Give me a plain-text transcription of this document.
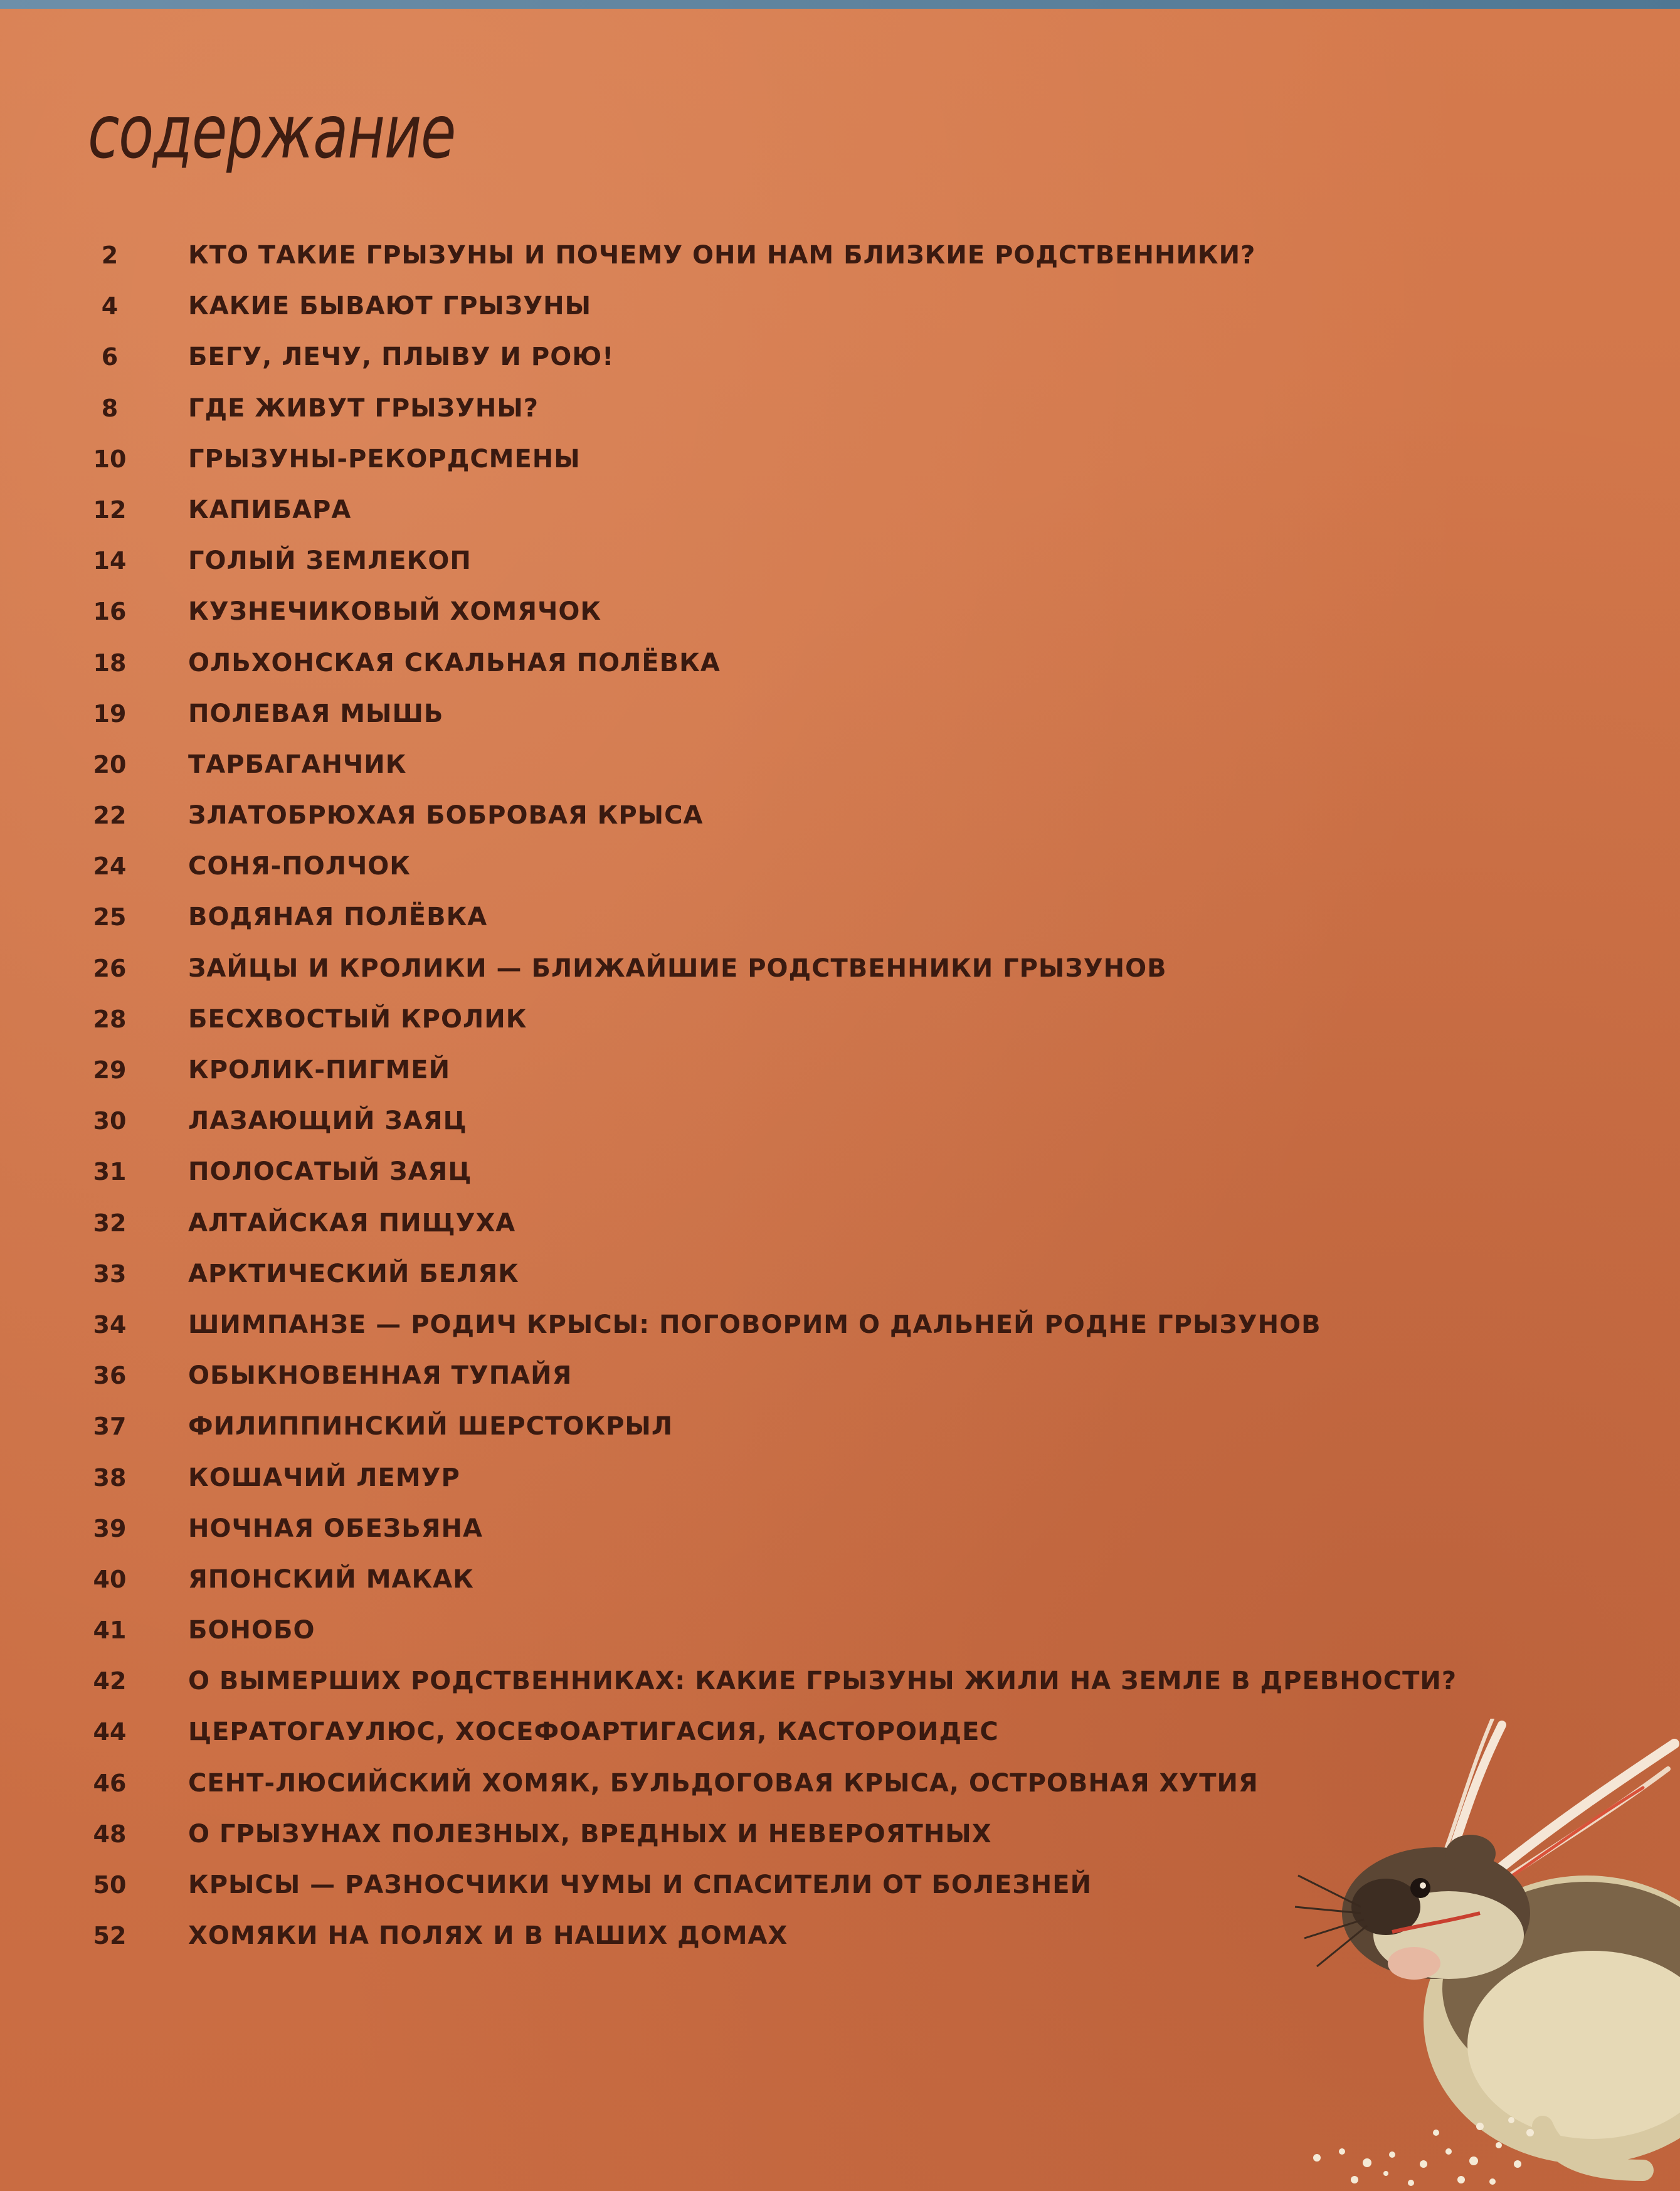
содержание
2	КТО ТАКИЕ ГРЫЗУНЫ И ПОЧЕМУ ОНИ НАМ БЛИЗКИЕ РОДСТВЕННИКИ?
4	КАКИЕ БЫВАЮТ ГРЫЗУНЫ
6	БЕГУ, ЛЕЧУ, ПЛЫВУ И РОЮ!
8	ГДЕ ЖИВУТ ГРЫЗУНЫ?
10	ГРЫЗУНЫ-РЕКОРДСМЕНЫ
12	КАПИБАРА
14	ГОЛЫЙ ЗЕМЛЕКОП
16	КУЗНЕЧИКОВЫЙ ХОМЯЧОК
18	ОЛЬХОНСКАЯ СКАЛЬНАЯ ПОЛЁВКА
19	ПОЛЕВАЯ МЫШЬ
20	ТАРБАГАНЧИК
22	ЗЛАТОБРЮХАЯ БОБРОВАЯ КРЫСА
24	СОНЯ-ПОЛЧОК
25	ВОДЯНАЯ ПОЛЁВКА
26	ЗАЙЦЫ И КРОЛИКИ — БЛИЖАЙШИЕ РОДСТВЕННИКИ ГРЫЗУНОВ
28	БЕСХВОСТЫЙ КРОЛИК
29	КРОЛИК-ПИГМЕЙ
30	ЛАЗАЮЩИЙ ЗАЯЦ
31	ПОЛОСАТЫЙ ЗАЯЦ
32	АЛТАЙСКАЯ ПИЩУХА
33	АРКТИЧЕСКИЙ БЕЛЯК
34	ШИМПАНЗЕ — РОДИЧ КРЫСЫ: ПОГОВОРИМ О ДАЛЬНЕЙ РОДНЕ ГРЫЗУНОВ
36	ОБЫКНОВЕННАЯ ТУПАЙЯ
37	ФИЛИППИНСКИЙ ШЕРСТОКРЫЛ
38	КОШАЧИЙ ЛЕМУР
39	НОЧНАЯ ОБЕЗЬЯНА
40	ЯПОНСКИЙ МАКАК
41	БОНОБО
42	О ВЫМЕРШИХ РОДСТВЕННИКАХ: КАКИЕ ГРЫЗУНЫ ЖИЛИ НА ЗЕМЛЕ В ДРЕВНОСТИ?
44	ЦЕРАТОГАУЛЮС, ХОСЕФОАРТИГАСИЯ, КАСТОРОИДЕС
46	СЕНТ-ЛЮСИЙСКИЙ ХОМЯК, БУЛЬДОГОВАЯ КРЫСА, ОСТРОВНАЯ ХУТИЯ
48	О ГРЫЗУНАХ ПОЛЕЗНЫХ, ВРЕДНЫХ И НЕВЕРОЯТНЫХ
50	КРЫСЫ — РАЗНОСЧИКИ ЧУМЫ И СПАСИТЕЛИ ОТ БОЛЕЗНЕЙ
52	ХОМЯКИ НА ПОЛЯХ И В НАШИХ ДОМАХ
